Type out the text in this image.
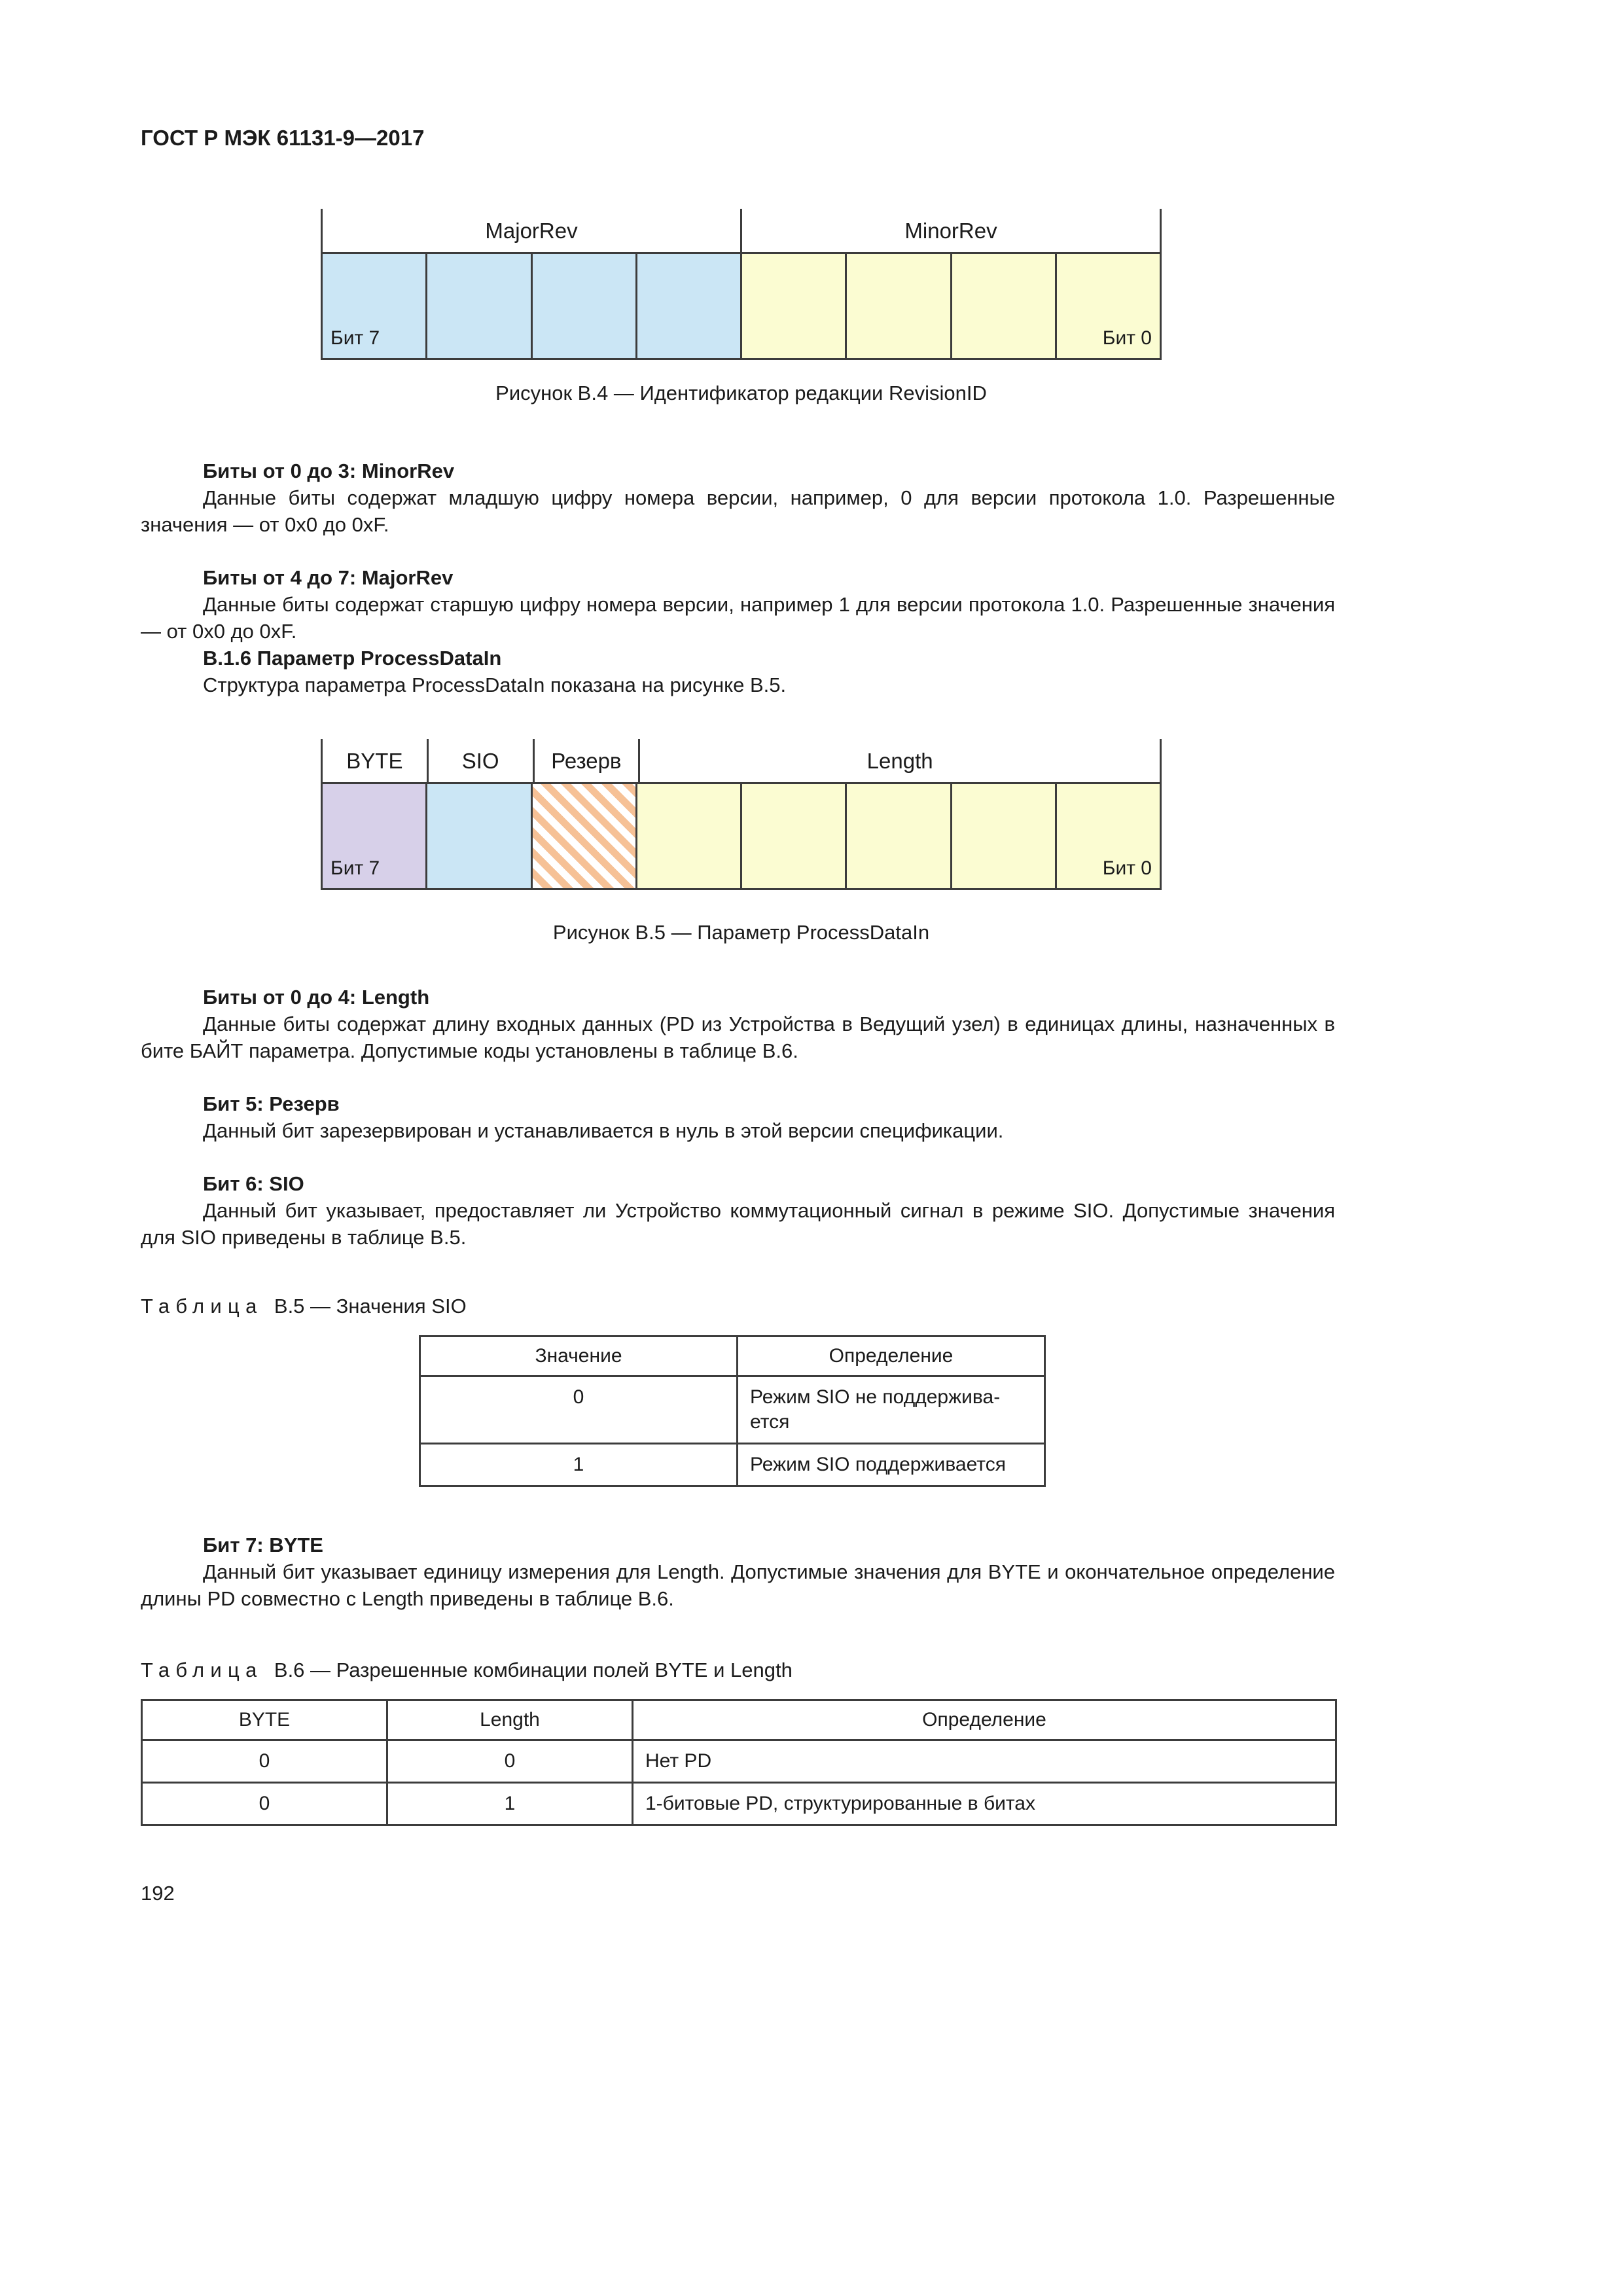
ГОСТ Р МЭК 61131-9—2017
MajorRev	MinorRev
Бит 7	Бит 0
Рисунок В.4 — Идентификатор редакции RevisionID
Биты от 0 до 3: MinorRev
Данные биты содержат младшую цифру номера версии, например, 0 для версии протокола 1.0. Разрешенные значения — от 0x0 до 0xF.
Биты от 4 до 7: MajorRev
Данные биты содержат старшую цифру номера версии, например 1 для версии протокола 1.0. Разрешенные значения — от 0x0 до 0xF.
В.1.6 Параметр ProcessDataIn
Структура параметра ProcessDataIn показана на рисунке В.5.
BYTE	SIO	Резерв	Length
Бит 7	Бит 0
Рисунок В.5 — Параметр ProcessDataIn
Биты от 0 до 4: Length
Данные биты содержат длину входных данных (PD из Устройства в Ведущий узел) в единицах длины, назначенных в бите БАЙТ параметра. Допустимые коды установлены в таблице В.6.
Бит 5: Резерв
Данный бит зарезервирован и устанавливается в нуль в этой версии спецификации.
Бит 6: SIO
Данный бит указывает, предоставляет ли Устройство коммутационный сигнал в режиме SIO. Допустимые значения для SIO приведены в таблице В.5.
Таблица В.5 — Значения SIO
Значение	Определение
0	Режим SIO не поддерживается
1	Режим SIO поддерживается
Бит 7: BYTE
Данный бит указывает единицу измерения для Length. Допустимые значения для BYTE и окончательное определение длины PD совместно с Length приведены в таблице В.6.
Таблица В.6 — Разрешенные комбинации полей BYTE и Length
BYTE	Length	Определение
0	0	Нет PD
0	1	1-битовые PD, структурированные в битах
192
